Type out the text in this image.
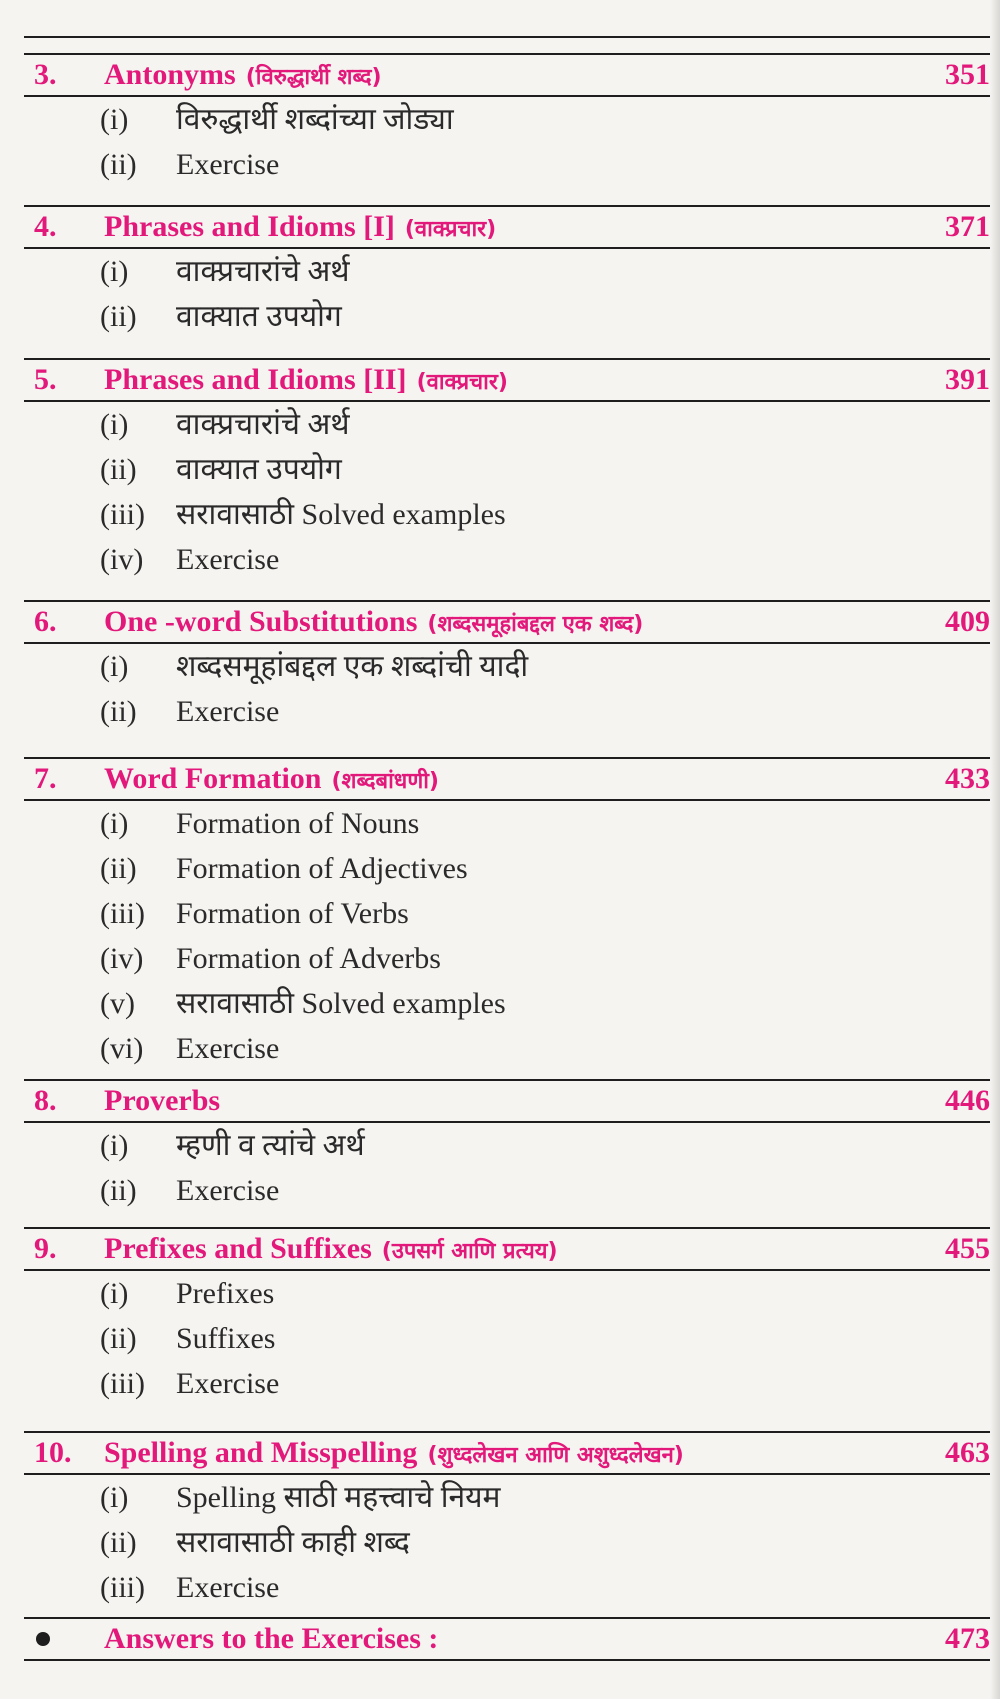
3. Antonyms (विरुद्धार्थी शब्द)	351
(i) विरुद्धार्थी शब्दांच्या जोड्या
(ii) Exercise
4. Phrases and Idioms [I] (वाक्प्रचार)	371
(i) वाक्प्रचारांचे अर्थ
(ii) वाक्यात उपयोग
5. Phrases and Idioms [II] (वाक्प्रचार)	391
(i) वाक्प्रचारांचे अर्थ
(ii) वाक्यात उपयोग
(iii) सरावासाठी Solved examples
(iv) Exercise
6. One -word Substitutions (शब्दसमूहांबद्दल एक शब्द)	409
(i) शब्दसमूहांबद्दल एक शब्दांची यादी
(ii) Exercise
7. Word Formation (शब्दबांधणी)	433
(i) Formation of Nouns
(ii) Formation of Adjectives
(iii) Formation of Verbs
(iv) Formation of Adverbs
(v) सरावासाठी Solved examples
(vi) Exercise
8. Proverbs	446
(i) म्हणी व त्यांचे अर्थ
(ii) Exercise
9. Prefixes and Suffixes (उपसर्ग आणि प्रत्यय)	455
(i) Prefixes
(ii) Suffixes
(iii) Exercise
10. Spelling and Misspelling (शुध्दलेखन आणि अशुध्दलेखन)	463
(i) Spelling साठी महत्त्वाचे नियम
(ii) सरावासाठी काही शब्द
(iii) Exercise
Answers to the Exercises :	473
